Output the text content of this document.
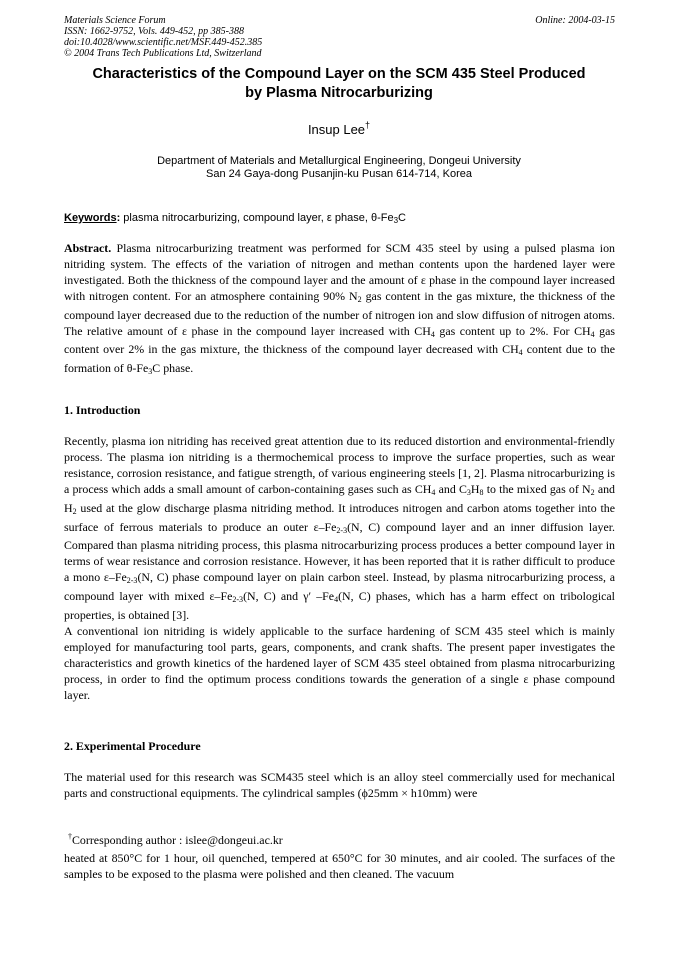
Materials Science Forum
ISSN: 1662-9752, Vols. 449-452, pp 385-388
doi:10.4028/www.scientific.net/MSF.449-452.385
© 2004 Trans Tech Publications Ltd, Switzerland
Online: 2004-03-15
Characteristics of the Compound Layer on the SCM 435 Steel Produced
by Plasma Nitrocarburizing
Insup Lee†
Department of Materials and Metallurgical Engineering, Dongeui University
San 24 Gaya-dong Pusanjin-ku Pusan 614-714, Korea
Keywords: plasma nitrocarburizing, compound layer, ε phase, $\theta-Fe_3C$
Abstract. Plasma nitrocarburizing treatment was performed for SCM 435 steel by using a pulsed plasma ion nitriding system. The effects of the variation of nitrogen and methan contents upon the hardened layer were investigated. Both the thickness of the compound layer and the amount of ε phase in the compound layer increased with nitrogen content. For an atmosphere containing 90% $N_2$ gas content in the gas mixture, the thickness of the compound layer decreased due to the reduction of the number of nitrogen ion and slow diffusion of nitrogen atoms. The relative amount of ε phase in the compound layer increased with $CH_4$ gas content up to 2%. For $CH_4$ gas content over 2% in the gas mixture, the thickness of the compound layer decreased with $CH_4$ content due to the formation of $\theta-Fe_3C$ phase.
1. Introduction
Recently, plasma ion nitriding has received great attention due to its reduced distortion and environmental-friendly process. The plasma ion nitriding is a thermochemical process to improve the surface properties, such as wear resistance, corrosion resistance, and fatigue strength, of various engineering steels [1, 2]. Plasma nitrocarburizing is a process which adds a small amount of carbon-containing gases such as $CH_4$ and $C_3H_8$ to the mixed gas of $N_2$ and $H_2$ used at the glow discharge plasma nitriding method. It introduces nitrogen and carbon atoms together into the surface of ferrous materials to produce an outer $\varepsilon-Fe_{2-3}(N$, C) compound layer and an inner diffusion layer. Compared than plasma nitriding process, this plasma nitrocarburizing process produces a better compound layer in terms of wear resistance and corrosion resistance. However, it has been reported that it is rather difficult to produce a mono $\varepsilon-Fe_{2-3}(N$, C) phase compound layer on plain carbon steel. Instead, by plasma nitrocarburizing process, a compound layer with mixed $\varepsilon-Fe_{2-3}(N$, C) and γ′ $-Fe_4(N$, C) phases, which has a harm effect on tribological properties, is obtained [3].
A conventional ion nitriding is widely applicable to the surface hardening of SCM 435 steel which is mainly employed for manufacturing tool parts, gears, components, and crank shafts. The present paper investigates the characteristics and growth kinetics of the hardened layer of SCM 435 steel obtained from plasma nitrocarburizing process, in order to find the optimum process conditions towards the generation of a single ε phase compound layer.
2. Experimental Procedure
The material used for this research was SCM435 steel which is an alloy steel commercially used for mechanical parts and constructional equipments. The cylindrical samples (ϕ25mm × h10mm) were
†Corresponding author : islee@dongeui.ac.kr
heated at 850°C for 1 hour, oil quenched, tempered at 650°C for 30 minutes, and air cooled. The surfaces of the samples to be exposed to the plasma were polished and then cleaned. The vacuum
